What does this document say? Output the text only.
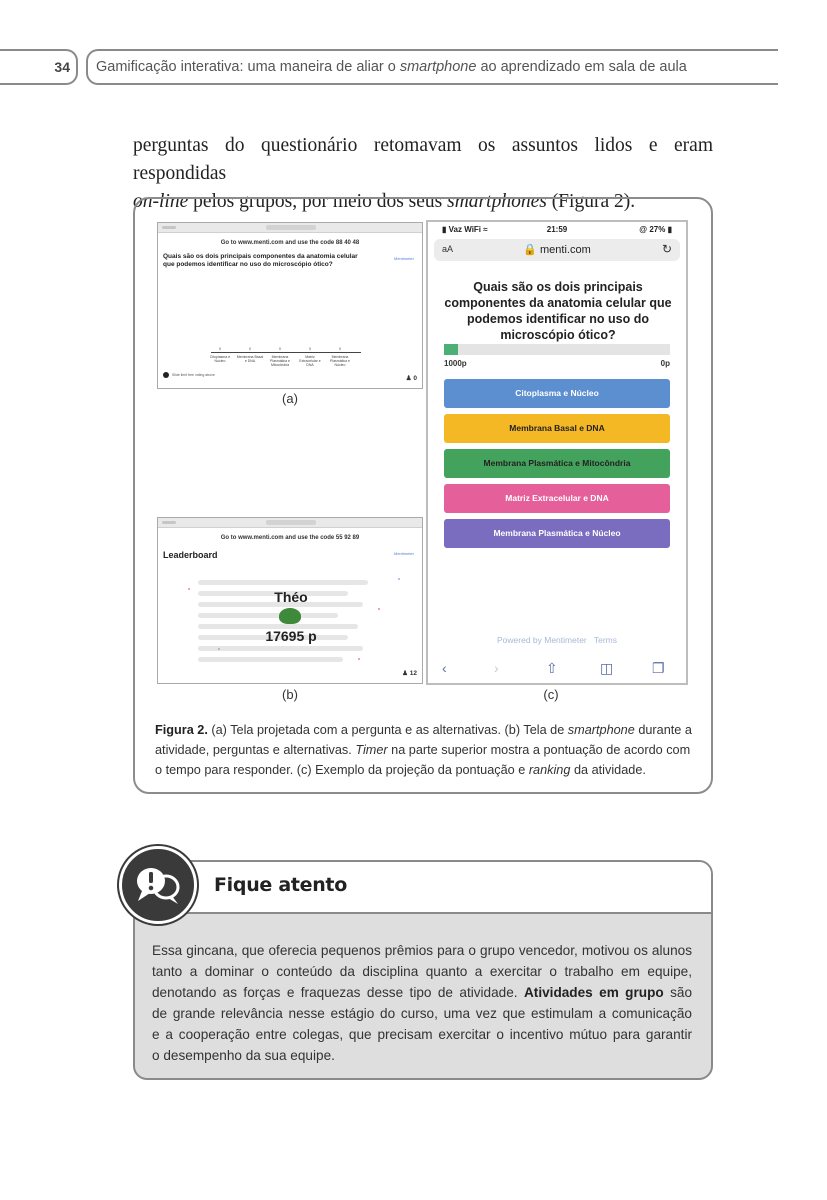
34	Gamificação interativa: uma maneira de aliar o smartphone ao aprendizado em sala de aula
perguntas do questionário retomavam os assuntos lidos e eram respondidas
on-line pelos grupos, por meio dos seus smartphones (Figura 2).
Go to www.menti.com and use the code 88 40 48
Mentimeter
Quais são os dois principais componentes da anatomia celular que podemos identificar no uso do microscópio ótico?
0
Citoplasma e Núcleo
0
Membrana Basal e DNA
0
Membrana Plasmática e Mitocôndria
0
Matriz Extracelular e DNA
0
Membrana Plasmática e Núcleo
Slide limit free voting above	♟ 0
(a)
Go to www.menti.com and use the code 55 92 89
Mentimeter
Leaderboard
Théo
17695 p
♟ 12
(b)
▮ Vaz WiFi ≈	21:59	@ 27% ▮
aA	🔒 menti.com	↻
Quais são os dois principais componentes da anatomia celular que podemos identificar no uso do microscópio ótico?
1000p	0p
Citoplasma e Núcleo
Membrana Basal e DNA
Membrana Plasmática e Mitocôndria
Matriz Extracelular e DNA
Membrana Plasmática e Núcleo
Powered by Mentimeter Terms
‹	›	⇧	◫	❐
(c)
Figura 2. (a) Tela projetada com a pergunta e as alternativas. (b) Tela de smartphone durante a atividade, perguntas e alternativas. Timer na parte superior mostra a pontuação de acordo com o tempo para responder. (c) Exemplo da projeção da pontuação e ranking da atividade.
Fique atento
Essa gincana, que oferecia pequenos prêmios para o grupo vencedor, motivou os alunos
tanto a dominar o conteúdo da disciplina quanto a exercitar o trabalho em equipe,
denotando as forças e fraquezas desse tipo de atividade. Atividades em grupo são
de grande relevância nesse estágio do curso, uma vez que estimulam a comunicação
e a cooperação entre colegas, que precisam exercitar o incentivo mútuo para garantir
o desempenho da sua equipe.
